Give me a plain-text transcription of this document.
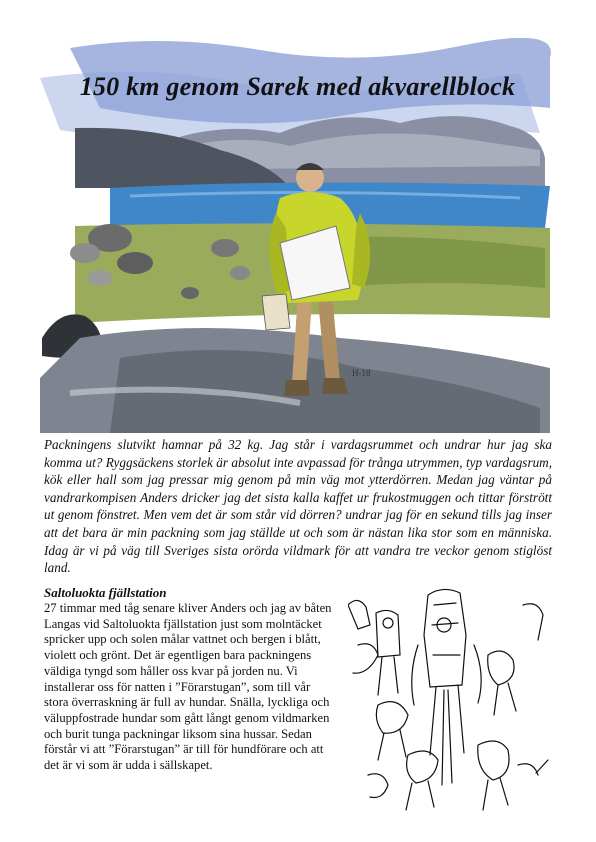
H-18
150 km genom Sarek med akvarellblock

Packningens slutvikt hamnar på 32 kg. Jag står i vardagsrummet och undrar hur jag ska komma ut? Ryggsäckens storlek är absolut inte avpassad för trånga utrymmen, typ vardagsrum, kök eller hall som jag pressar mig genom på min väg mot ytterdörren. Medan jag väntar på vandrarkompisen Anders dricker jag det sista kalla kaffet ur frukostmuggen och tittar förstrött ut genom fönstret. Men vem det är som står vid dörren? undrar jag för en sekund tills jag inser att det bara är min packning som jag ställde ut och som är nästan lika stor som en människa. Idag är vi på väg till Sveriges sista orörda vildmark för att vandra tre veckor genom stiglöst land.

Saltoluokta fjällstation

27 timmar med tåg senare kliver Anders och jag av båten Langas vid Saltoluokta fjällstation just som molntäcket spricker upp och solen målar vattnet och bergen i blått, violett och grönt. Det är egentligen bara packningens väldiga tyngd som håller oss kvar på jorden nu. Vi installerar oss för natten i ”Förarstugan”, som till vår stora överraskning är full av hundar. Snälla, lyckliga och väluppfostrade hundar som gått långt genom vildmarken och burit tunga packningar liksom sina hussar. Sedan förstår vi att ”Förarstugan” är till för hundförare och att det är vi som är udda i sällskapet.
